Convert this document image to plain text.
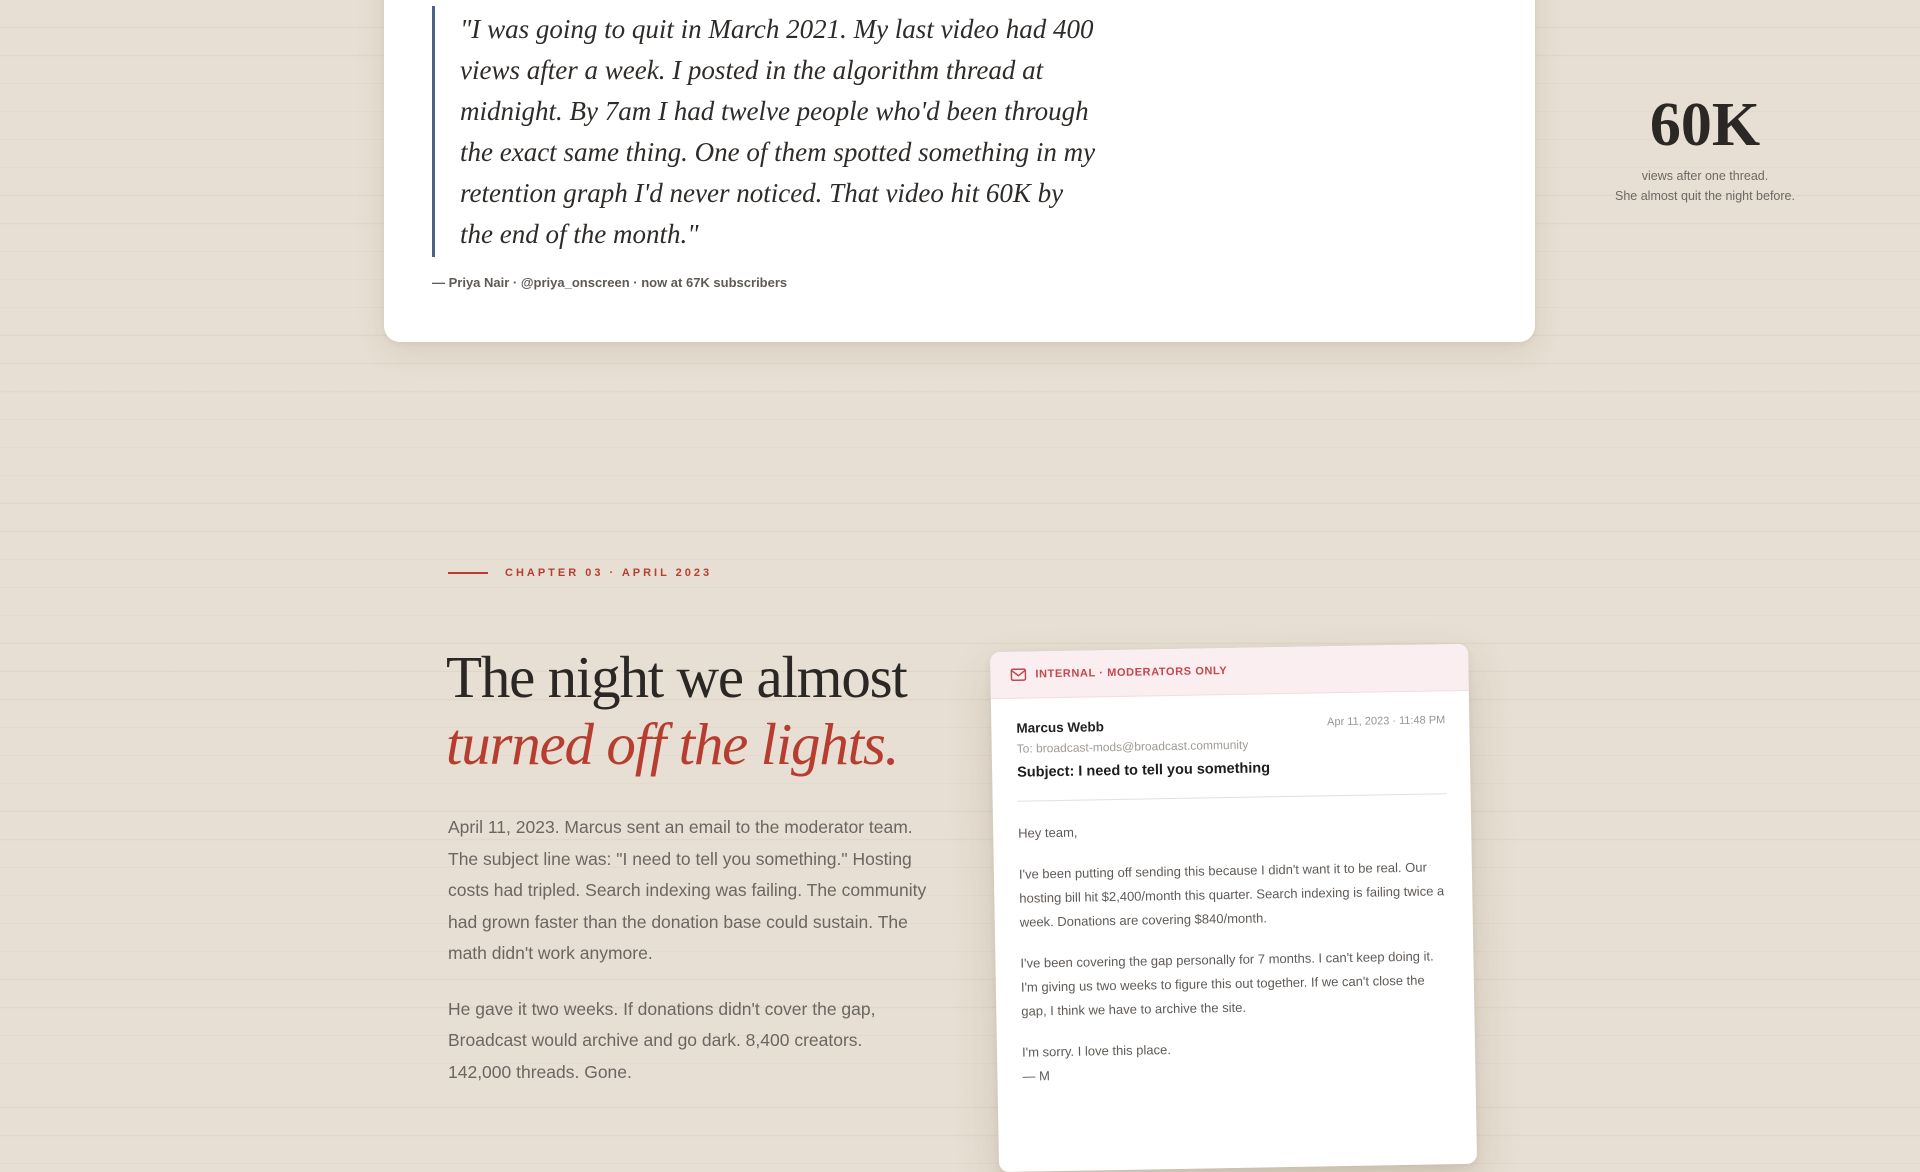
"I was going to quit in March 2021. My last video had 400 views after a week. I posted in the algorithm thread at midnight. By 7am I had twelve people who'd been through the exact same thing. One of them spotted something in my retention graph I'd never noticed. That video hit 60K by the end of the month."

— Priya Nair · @priya_onscreen · now at 67K subscribers
60K
views after one thread.
She almost quit the night before.
CHAPTER 03 · APRIL 2023
The night we almost
turned off the lights.

April 11, 2023. Marcus sent an email to the moderator team. The subject line was: "I need to tell you something." Hosting costs had tripled. Search indexing was failing. The community had grown faster than the donation base could sustain. The math didn't work anymore.

He gave it two weeks. If donations didn't cover the gap, Broadcast would archive and go dark. 8,400 creators. 142,000 threads. Gone.

INTERNAL · MODERATORS ONLY
Marcus Webb	Apr 11, 2023 · 11:48 PM
To: broadcast-mods@broadcast.community
Subject: I need to tell you something

Hey team,

I've been putting off sending this because I didn't want it to be real. Our hosting bill hit $2,400/month this quarter. Search indexing is failing twice a week. Donations are covering $840/month.

I've been covering the gap personally for 7 months. I can't keep doing it. I'm giving us two weeks to figure this out together. If we can't close the gap, I think we have to archive the site.

I'm sorry. I love this place.

— M
